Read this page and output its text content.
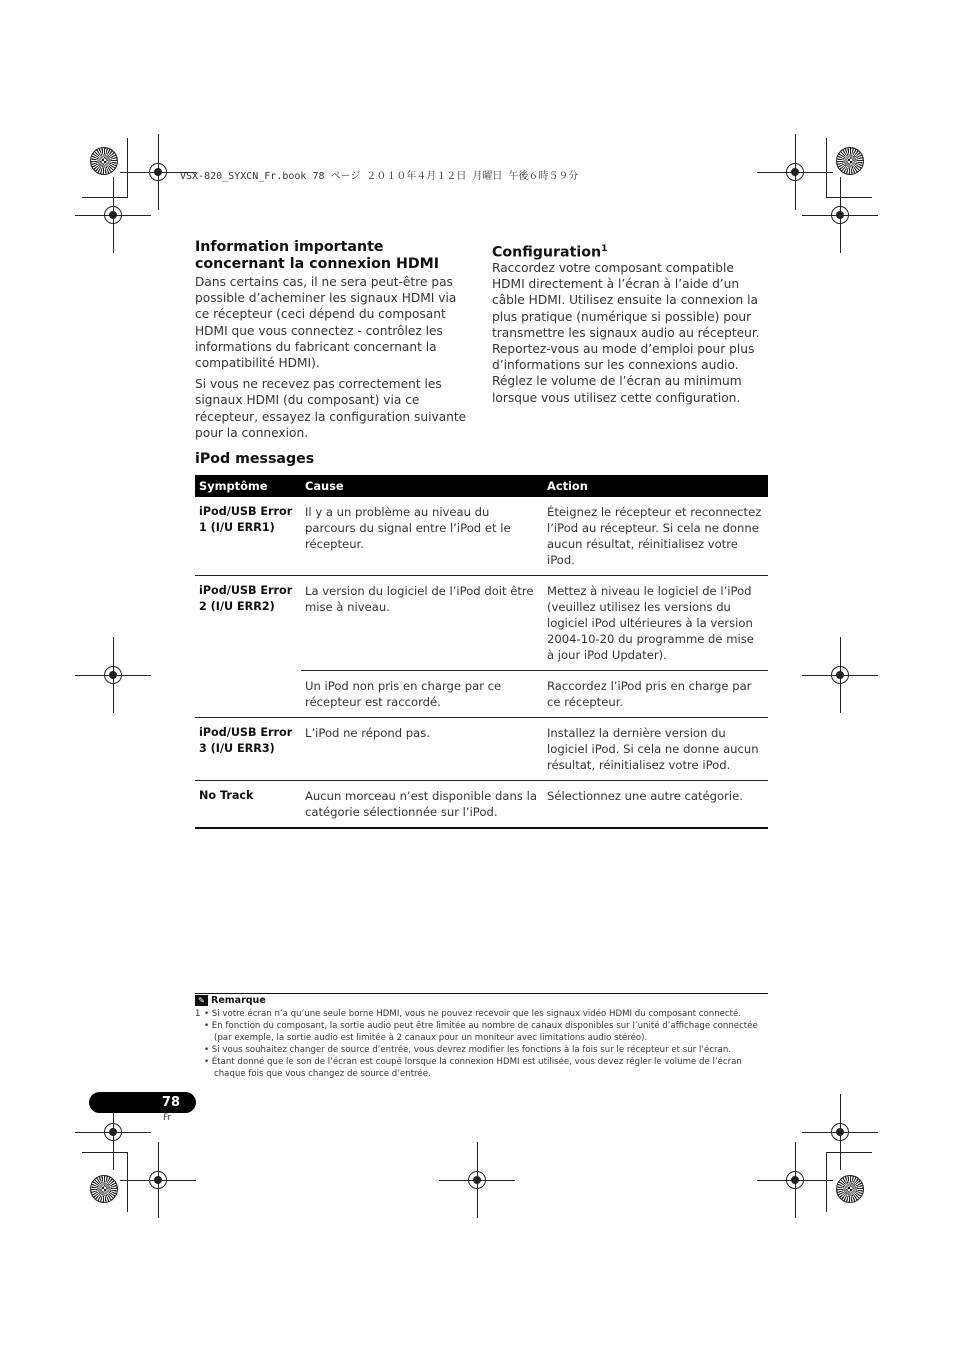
VSX-820_SYXCN_Fr.book 78 ページ ２０１０年４月１２日 月曜日 午後６時５９分
Information importante concernant la connexion HDMI

Dans certains cas, il ne sera peut-être pas possible d’acheminer les signaux HDMI via ce récepteur (ceci dépend du composant HDMI que vous connectez - contrôlez les informations du fabricant concernant la compatibilité HDMI).

Si vous ne recevez pas correctement les signaux HDMI (du composant) via ce récepteur, essayez la configuration suivante pour la connexion.

Configuration$^1$

Raccordez votre composant compatible HDMI directement à l’écran à l’aide d’un câble HDMI. Utilisez ensuite la connexion la plus pratique (numérique si possible) pour transmettre les signaux audio au récepteur. Reportez-vous au mode d’emploi pour plus d’informations sur les connexions audio. Réglez le volume de l’écran au minimum lorsque vous utilisez cette configuration.

iPod messages
Symptôme	Cause	Action
iPod/USB Error 1 (I/U ERR1)	Il y a un problème au niveau du parcours du signal entre l’iPod et le récepteur.	Éteignez le récepteur et reconnectez l’iPod au récepteur. Si cela ne donne aucun résultat, réinitialisez votre iPod.
iPod/USB Error 2 (I/U ERR2)	La version du logiciel de l’iPod doit être mise à niveau.	Mettez à niveau le logiciel de l’iPod (veuillez utilisez les versions du logiciel iPod ultérieures à la version 2004-10-20 du programme de mise à jour iPod Updater).
	Un iPod non pris en charge par ce récepteur est raccordé.	Raccordez l’iPod pris en charge par ce récepteur.
iPod/USB Error 3 (I/U ERR3)	L’iPod ne répond pas.	Installez la dernière version du logiciel iPod. Si cela ne donne aucun résultat, réinitialisez votre iPod.
No Track	Aucun morceau n’est disponible dans la catégorie sélectionnée sur l’iPod.	Sélectionnez une autre catégorie.
✎ Remarque
1 • Si votre écran n’a qu’une seule borne HDMI, vous ne pouvez recevoir que les signaux vidéo HDMI du composant connecté.
• En fonction du composant, la sortie audio peut être limitée au nombre de canaux disponibles sur l’unité d’affichage connectée (par exemple, la sortie audio est limitée à 2 canaux pour un moniteur avec limitations audio stéréo).
• Si vous souhaitez changer de source d’entrée, vous devrez modifier les fonctions à la fois sur le récepteur et sur l’écran.
• Étant donné que le son de l’écran est coupé lorsque la connexion HDMI est utilisée, vous devez régler le volume de l’écran chaque fois que vous changez de source d’entrée.
78
Fr
